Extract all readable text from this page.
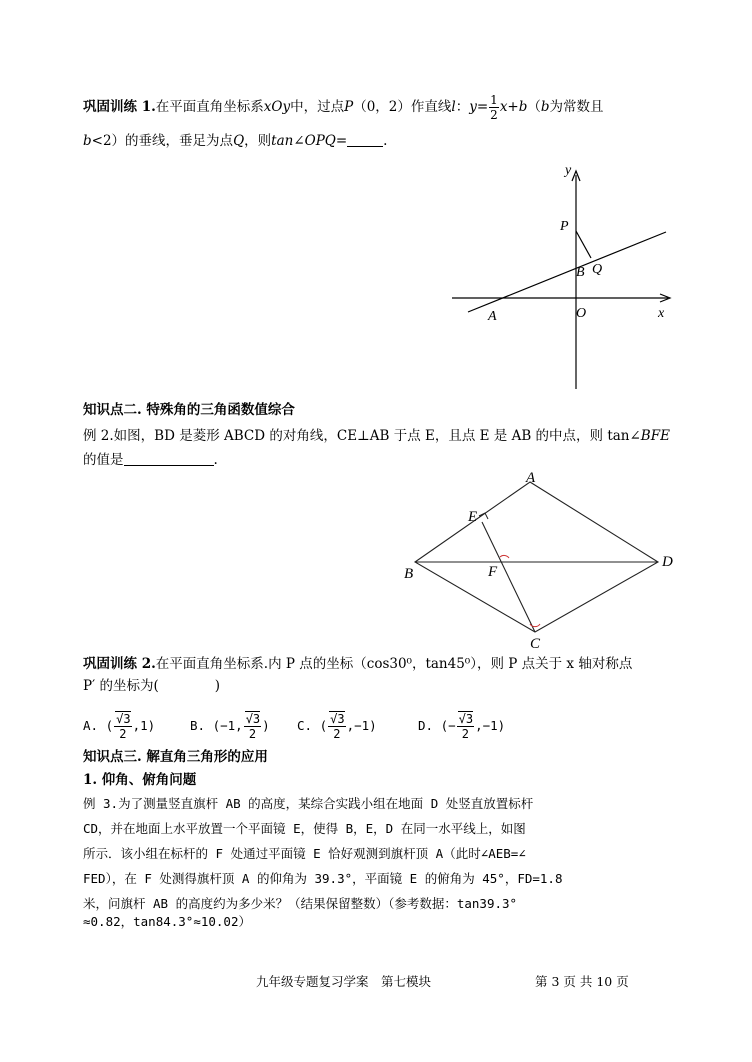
巩固训练 1.在平面直角坐标系xOy中，过点P（0，2）作直线l：$y= \frac{1}{2} x+b(b$为常数且
b<2）的垂线，垂足为点Q，则tan∠OPQ=	.
y
x
P
B Q
A	O
知识点二. 特殊角的三角函数值综合
例 2.如图，BD 是菱形 ABCD 的对角线，CE⊥AB 于点 E，且点 E 是 AB 的中点，则 tan∠BFE
的值是	.
A
B
C
D
E
F
巩固训练 2.在平面直角坐标系.内 P 点的坐标（cos30⁰，tan45⁰），则 P 点关于 x 轴对称点
P′ 的坐标为(	)
A. ( $\frac{√3}{2} ,1$)	B. (−1, $\frac{√3}{2}$ ) C. ( $\frac{√3}{2} ,-1$)	D. (− $\frac{√3}{2} ,-1$)
知识点三. 解直角三角形的应用
1. 仰角、俯角问题
例 3.为了测量竖直旗杆 AB 的高度，某综合实践小组在地面 D 处竖直放置标杆
CD，并在地面上水平放置一个平面镜 E，使得 B，E，D 在同一水平线上，如图
所示．该小组在标杆的 F 处通过平面镜 E 恰好观测到旗杆顶 A（此时∠AEB=∠
FED），在 F 处测得旗杆顶 A 的仰角为 39.3°，平面镜 E 的俯角为 45°，FD=1.8
米，问旗杆 AB 的高度约为多少米？（结果保留整数）（参考数据：tan39.3°
≈0.82，tan84.3°≈10.02）
九年级专题复习学案　第七模块	第 3 页 共 10 页
